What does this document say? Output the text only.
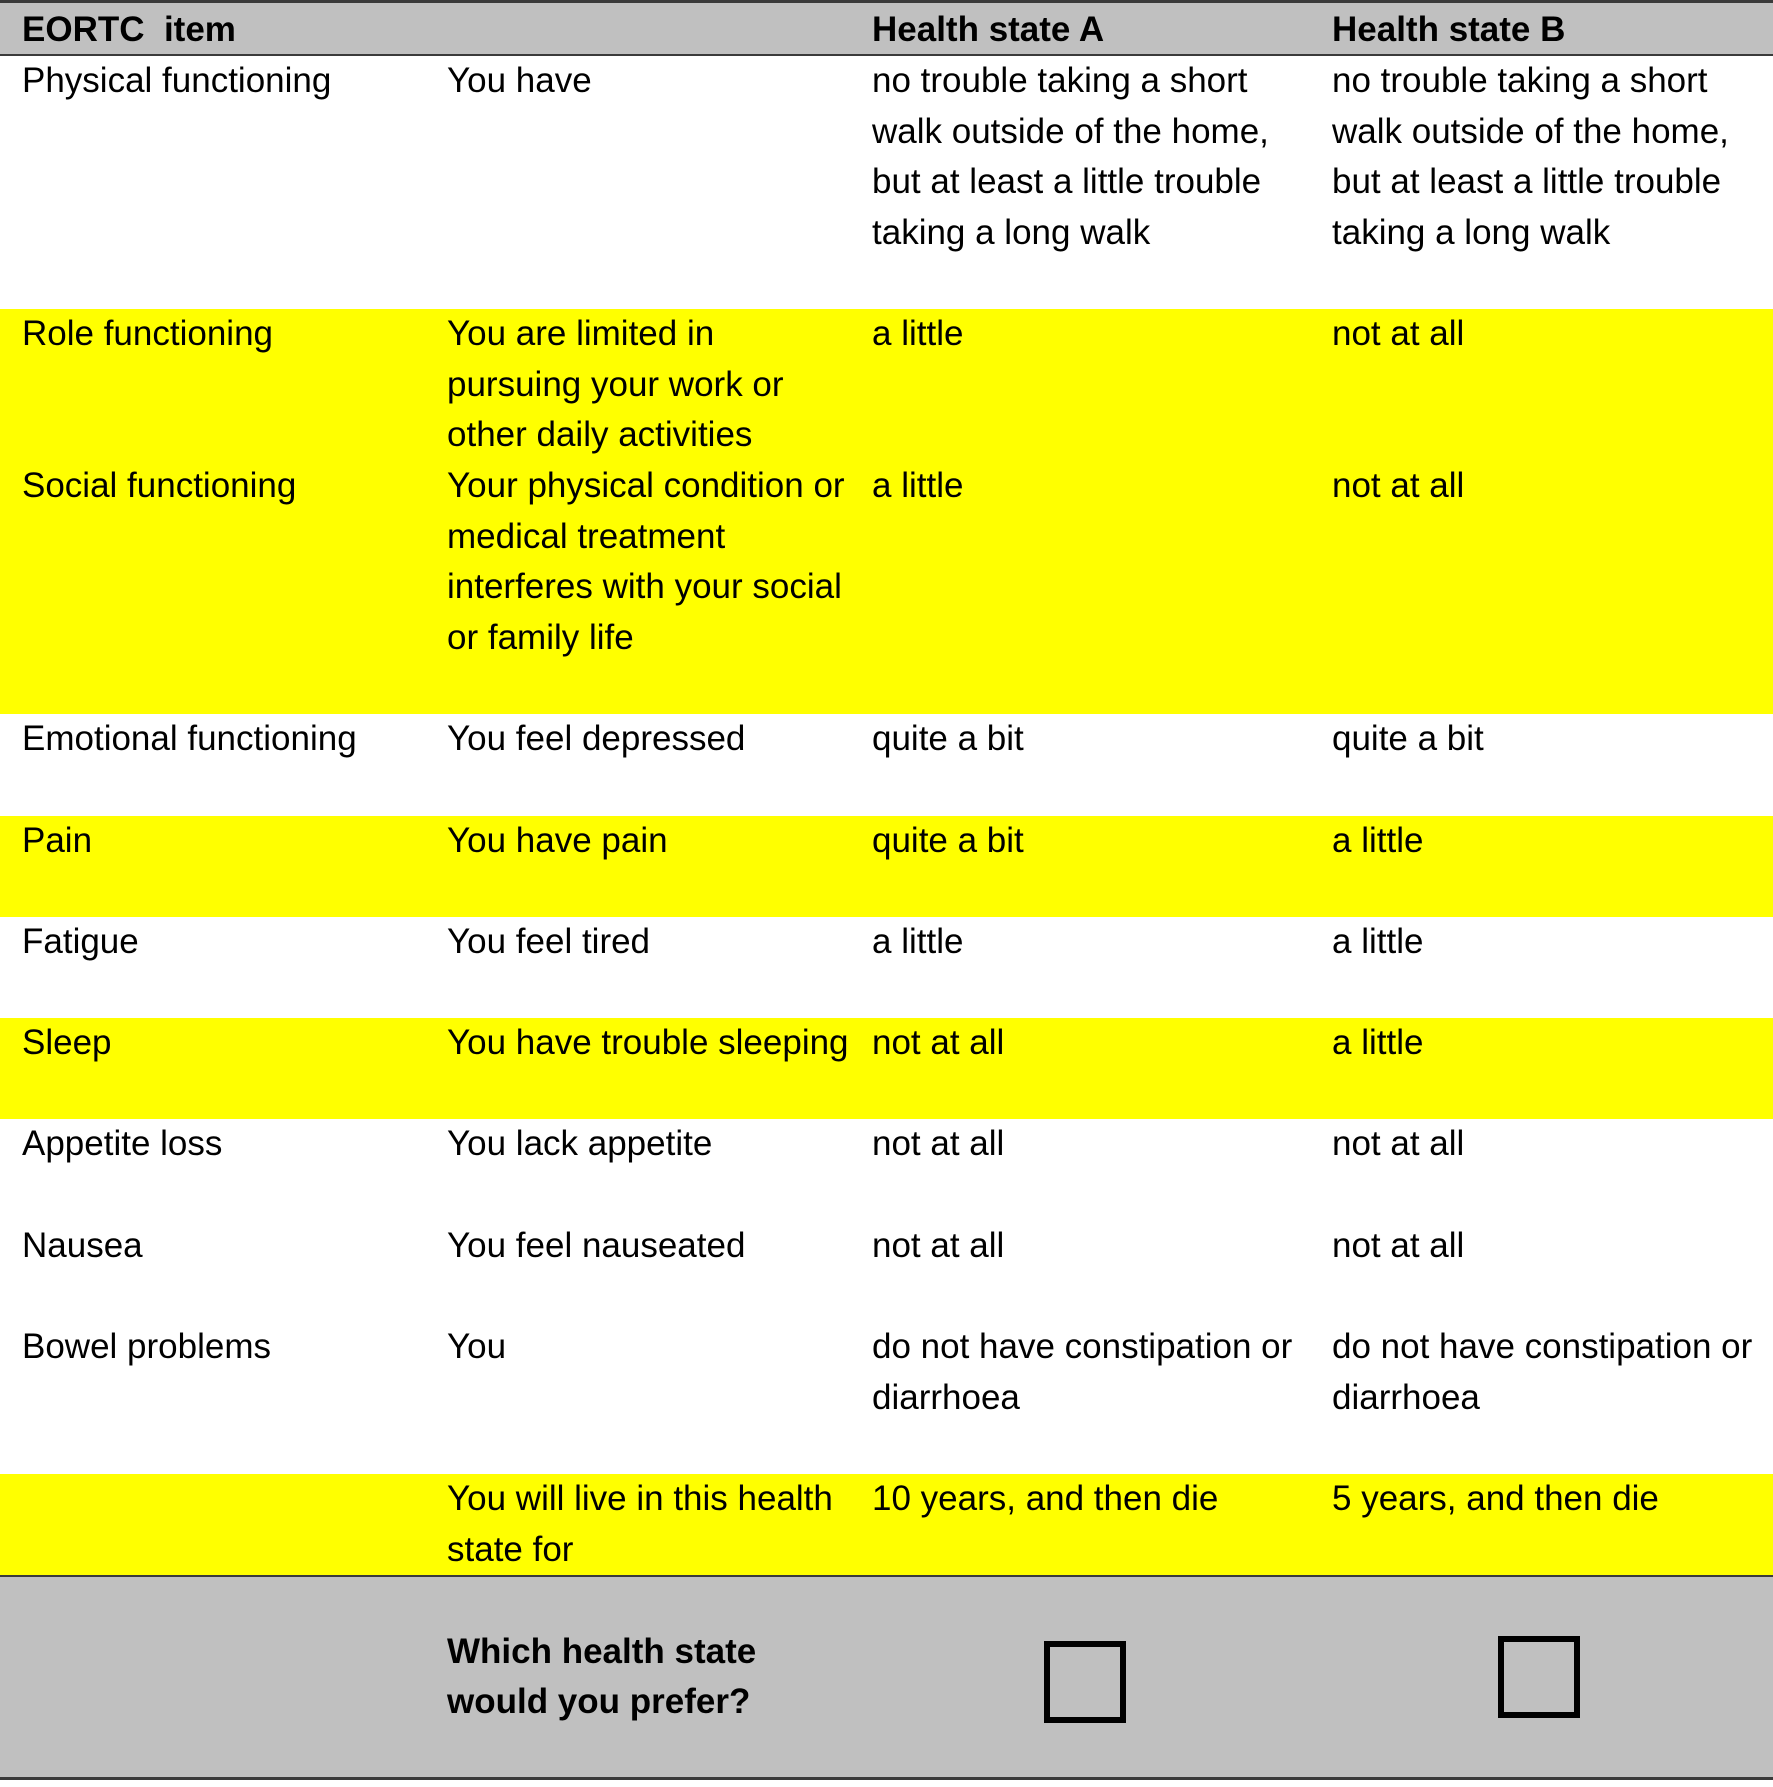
EORTC  item		Health state A	Health state B
Physical functioning	You have	no trouble taking a short walk outside of the home, but at least a little trouble taking a long walk	no trouble taking a short walk outside of the home, but at least a little trouble taking a long walk
Role functioning	You are limited in pursuing your work or other daily activities	a little	not at all
Social functioning	Your physical condition or medical treatment interferes with your social or family life	a little	not at all
Emotional functioning	You feel depressed	quite a bit	quite a bit
Pain	You have pain	quite a bit	a little
Fatigue	You feel tired	a little	a little
Sleep	You have trouble sleeping	not at all	a little
Appetite loss	You lack appetite	not at all	not at all
Nausea	You feel nauseated	not at all	not at all
Bowel problems	You	do not have constipation or diarrhoea	do not have constipation or diarrhoea
	You will live in this health state for	10 years, and then die	5 years, and then die
	Which health state would you prefer?	
